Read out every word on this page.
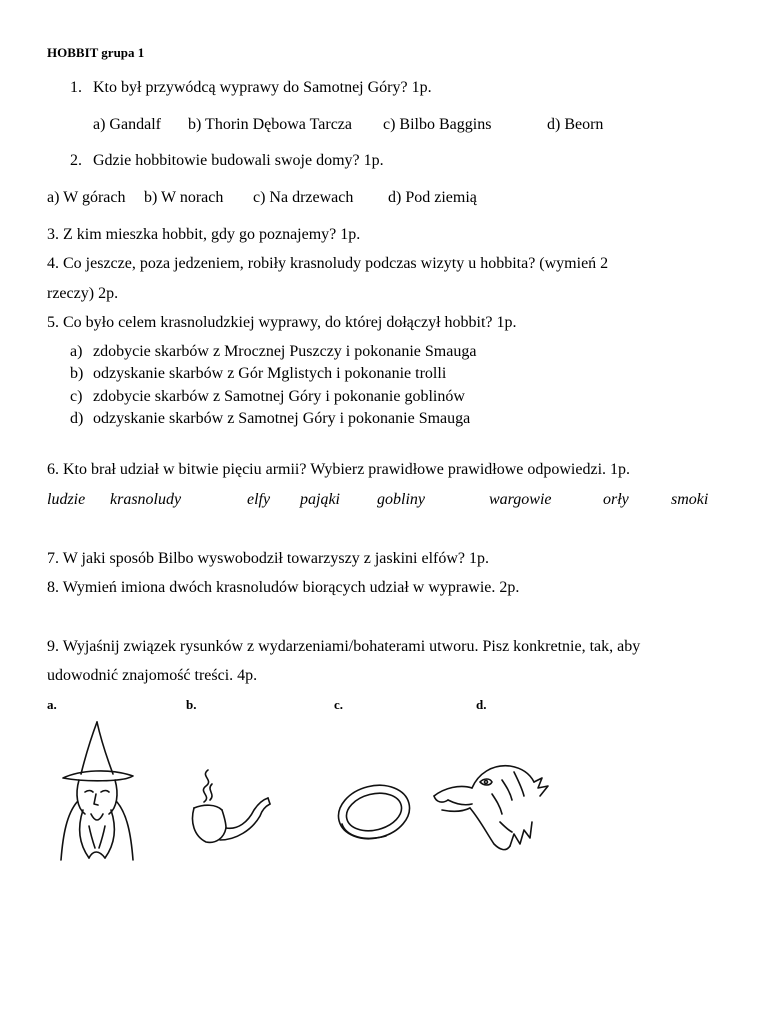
HOBBIT grupa 1
1. Kto był przywódcą wyprawy do Samotnej Góry? 1p.
a) Gandalf b) Thorin Dębowa Tarcza c) Bilbo Baggins	d) Beorn
2. Gdzie hobbitowie budowali swoje domy? 1p.
a) W górach b) W norach c) Na drzewach d) Pod ziemią
3. Z kim mieszka hobbit, gdy go poznajemy? 1p.
4. Co jeszcze, poza jedzeniem, robiły krasnoludy podczas wizyty u hobbita? (wymień 2
rzeczy) 2p.
5. Co było celem krasnoludzkiej wyprawy, do której dołączył hobbit? 1p.
a) zdobycie skarbów z Mrocznej Puszczy i pokonanie Smauga
b) odzyskanie skarbów z Gór Mglistych i pokonanie trolli
c) zdobycie skarbów z Samotnej Góry i pokonanie goblinów
d) odzyskanie skarbów z Samotnej Góry i pokonanie Smauga
6. Kto brał udział w bitwie pięciu armii? Wybierz prawidłowe prawidłowe odpowiedzi. 1p.
ludzie krasnoludy	elfy pająki gobliny	wargowie	orły	smoki
7. W jaki sposób Bilbo wyswobodził towarzyszy z jaskini elfów? 1p.
8. Wymień imiona dwóch krasnoludów biorących udział w wyprawie. 2p.
9. Wyjaśnij związek rysunków z wydarzeniami/bohaterami utworu. Pisz konkretnie, tak, aby
udowodnić znajomość treści. 4p.
a.	b.	c.	d.
